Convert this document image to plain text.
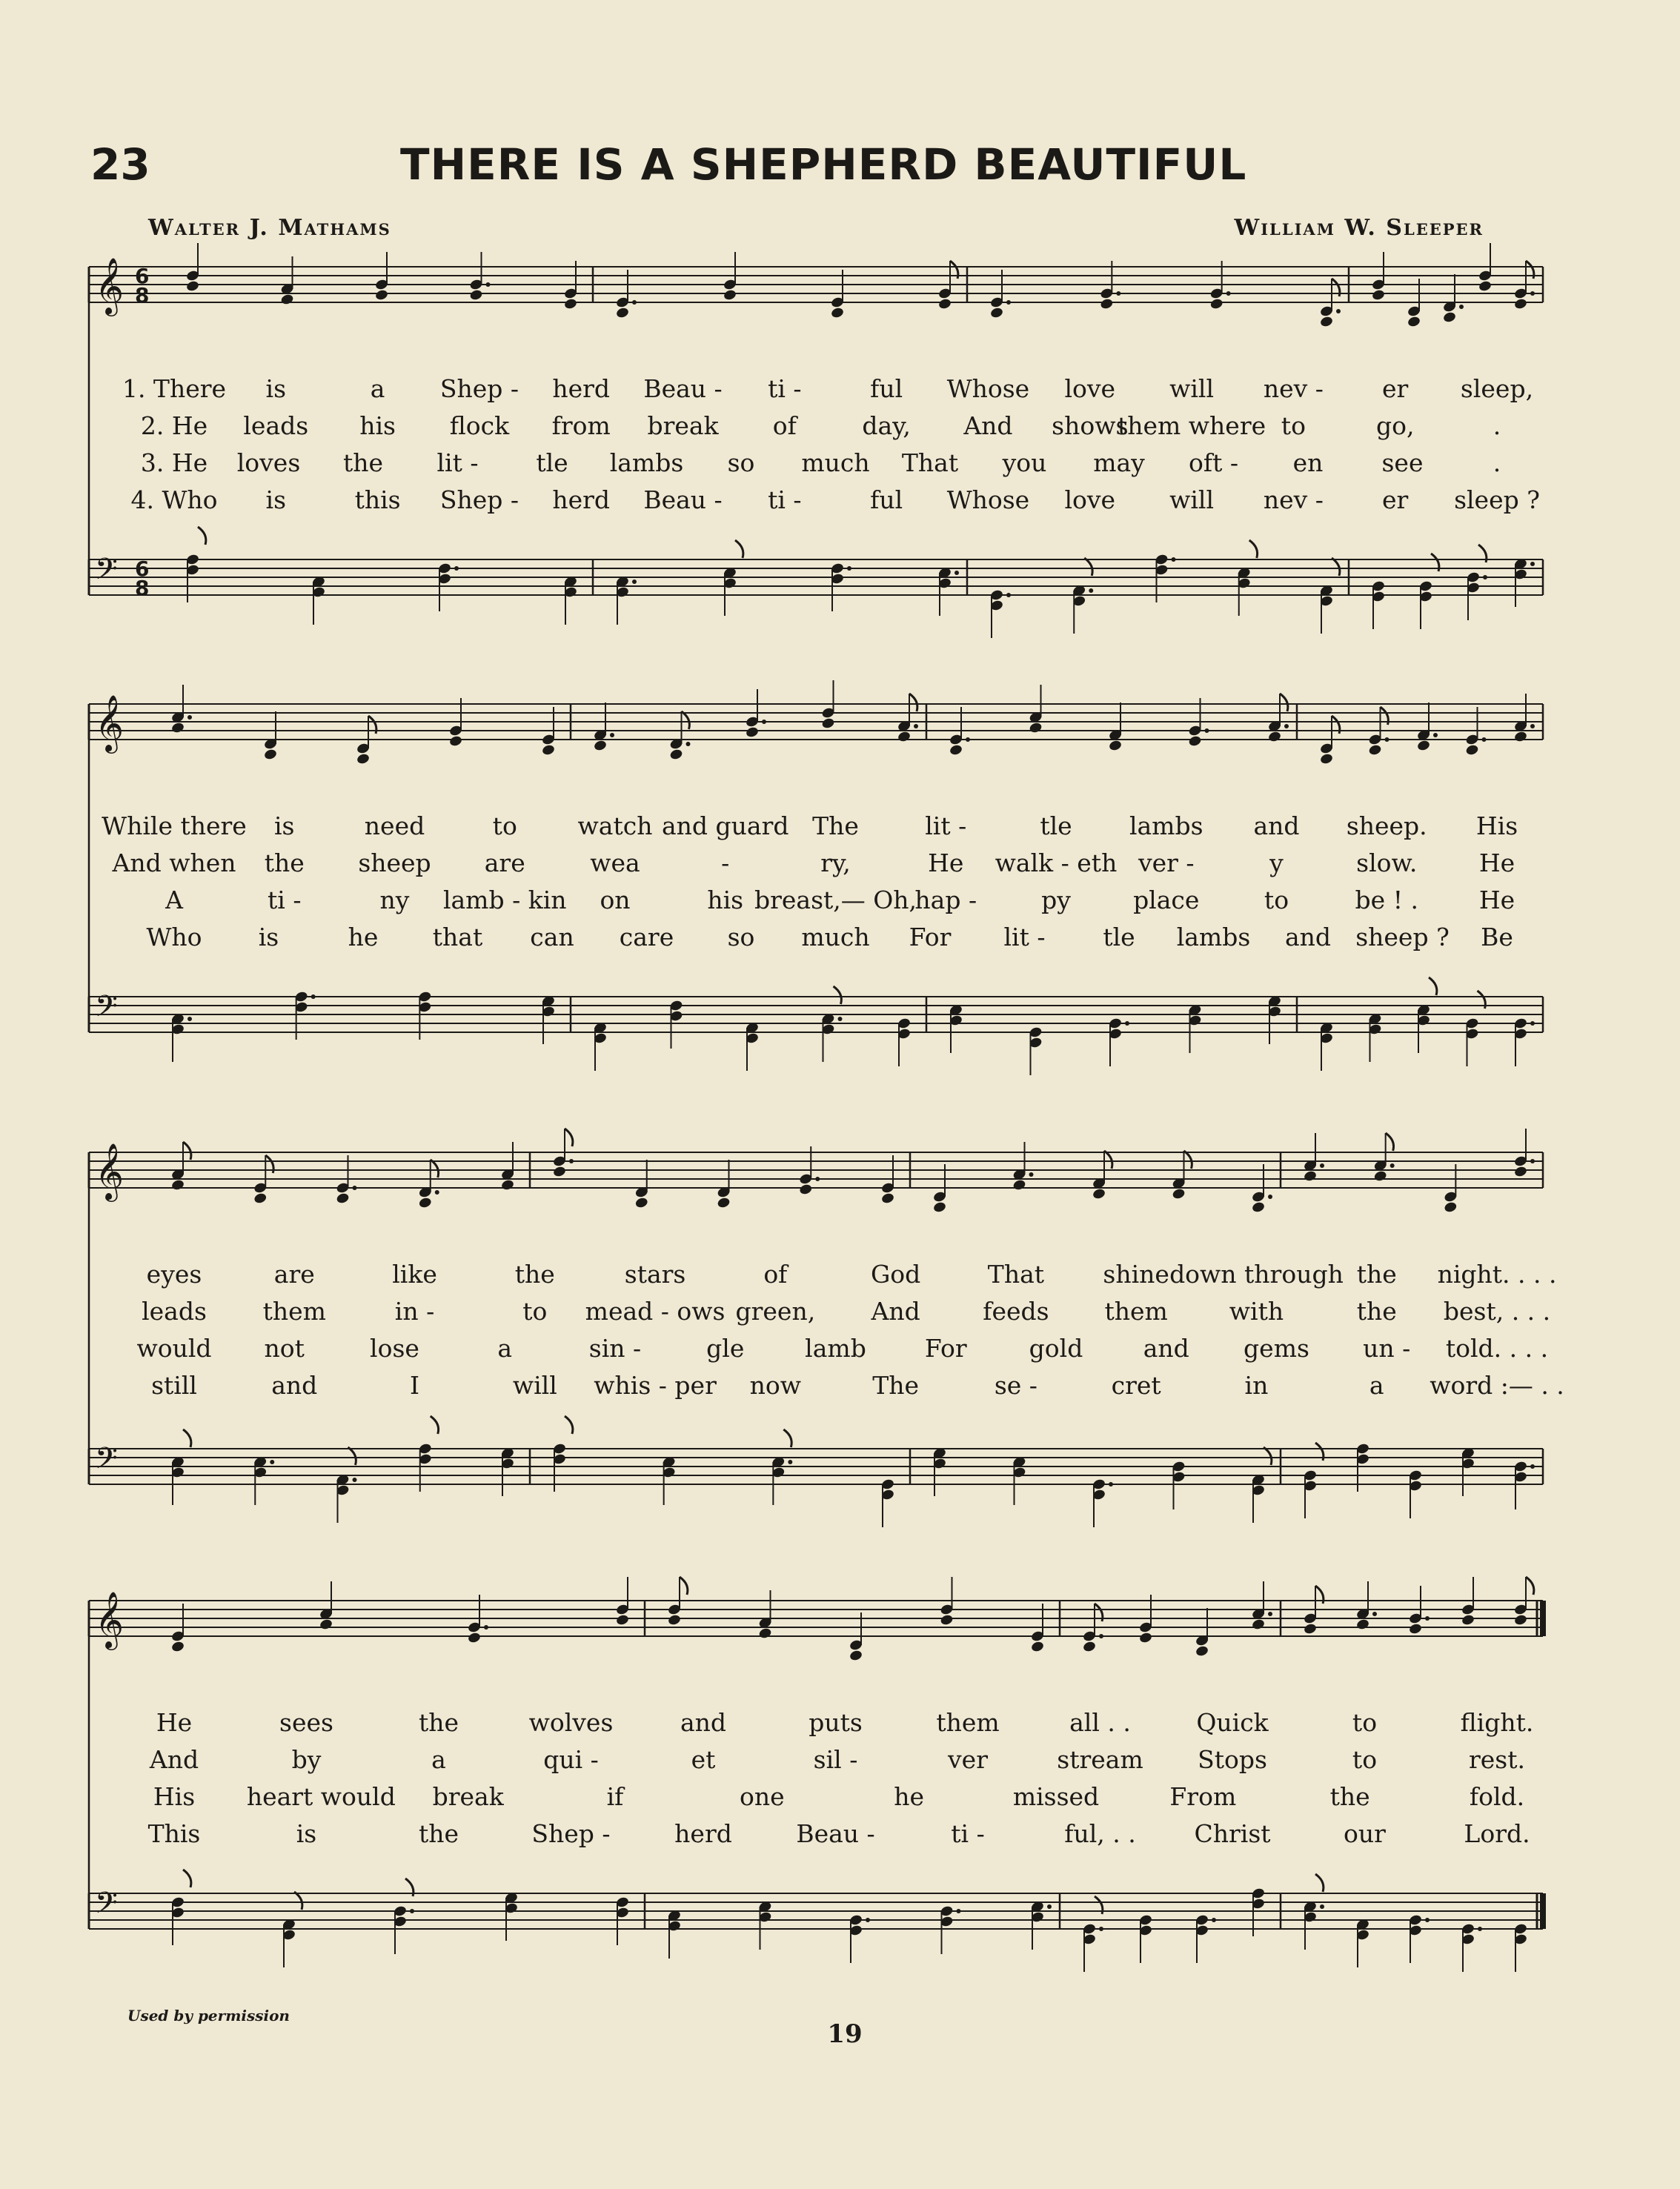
23	THERE IS A SHEPHERD BEAUTIFUL
Walter J. Mathams	William W. Sleeper
𝄞 6
8
𝄢 6
8
1. There is	a Shep - herd Beau - ti -	ful Whose love will nev - er sleep,
2. He leads his flock from break of	day, And shows
them where to	go,	.
3. He loves the lit - tle lambs so much That you may oft - en see	.
4. Who is	this Shep - herd Beau - ti -	ful Whose love will nev - er sleep ?
𝄞
𝄢
While there is	need	to watch and guard The	lit -	tle lambs and sheep. His
And when the sheep are	wea	-	ry,	He walk - eth ver -	y	slow.	He
A	ti -	ny lamb - kin on	his breast,— Oh,
hap -	py	place	to	be ! . He
Who is	he that can care so much For lit - tle lambs and sheep ? Be
𝄞
𝄢
eyes	are	like	the	stars	of	God	That shine down through the night. . . .
leads them	in -	to mead - ows green, And	feeds them	with	the best, . . .
would not	lose	a	sin -	gle lamb For	gold and gems un - told. . . .
still	and	I	will whis - per now	The	se -	cret	in	a word :— . .
𝄞
𝄢
He	sees	the	wolves	and	puts	them	all . .	Quick	to	flight.
And	by	a	qui -	et	sil -	ver	stream Stops	to	rest.
His heart would break	if	one	he	missed	From	the	fold.
This	is	the	Shep -	herd	Beau -	ti -	ful, . . Christ	our	Lord.
Used by permission
19
